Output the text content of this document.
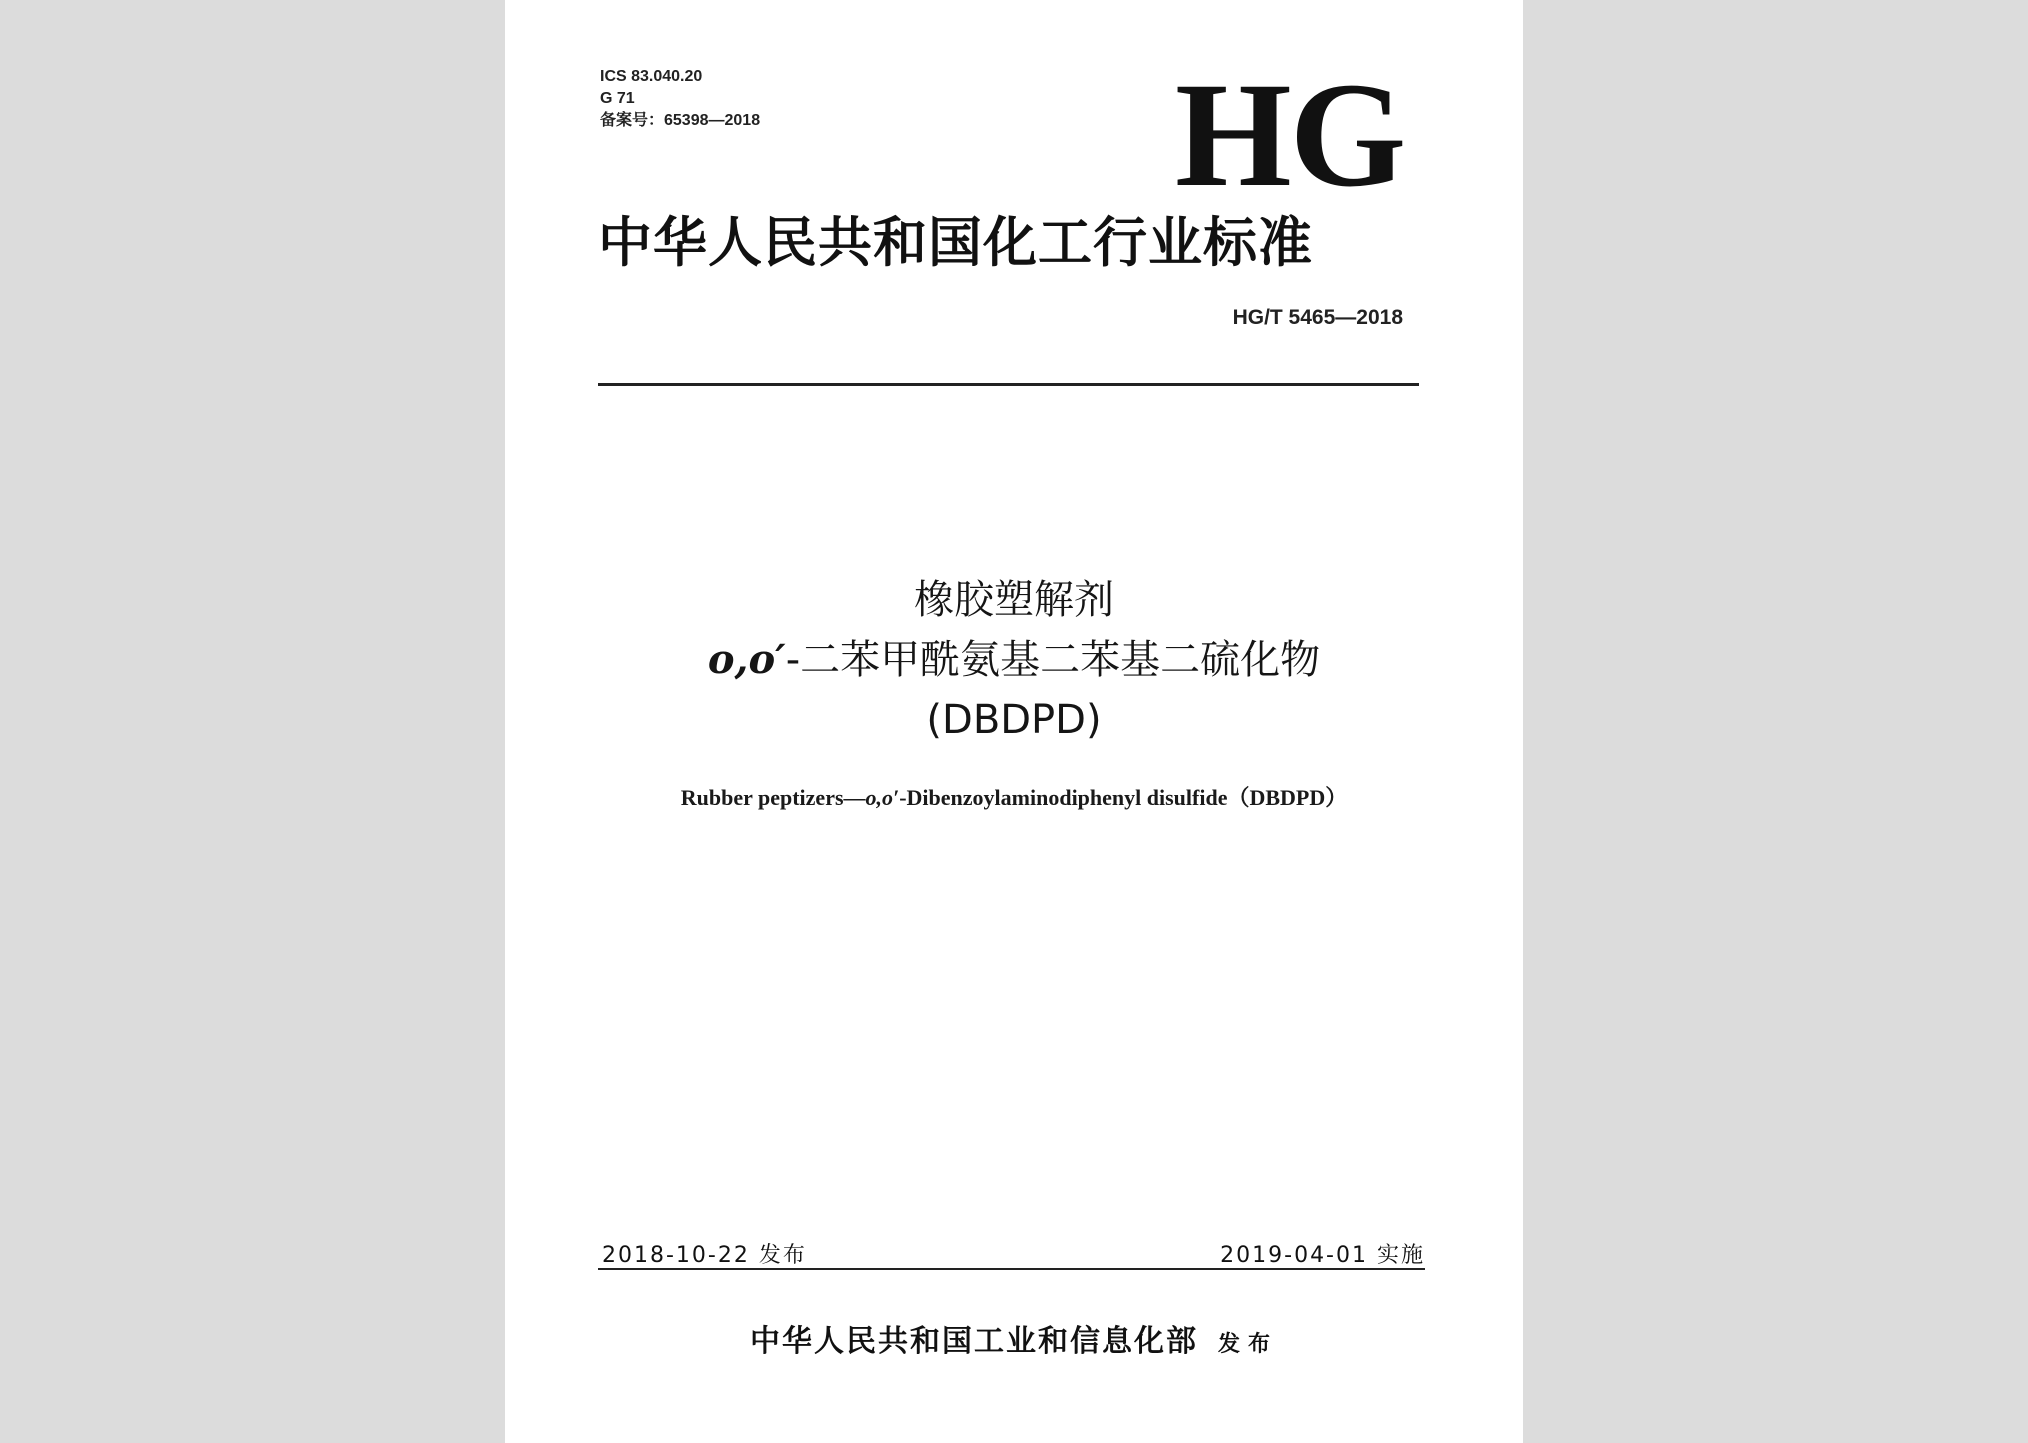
ICS 83.040.20
G 71
备案号：65398—2018	HG
中华人民共和国化工行业标准
HG/T 5465—2018
橡胶塑解剂
o,o′-二苯甲酰氨基二苯基二硫化物
(DBDPD)
Rubber peptizers—o,o′-Dibenzoylaminodiphenyl disulfide（DBDPD）
2018-10-22 发布	2019-04-01 实施
中华人民共和国工业和信息化部 发布
